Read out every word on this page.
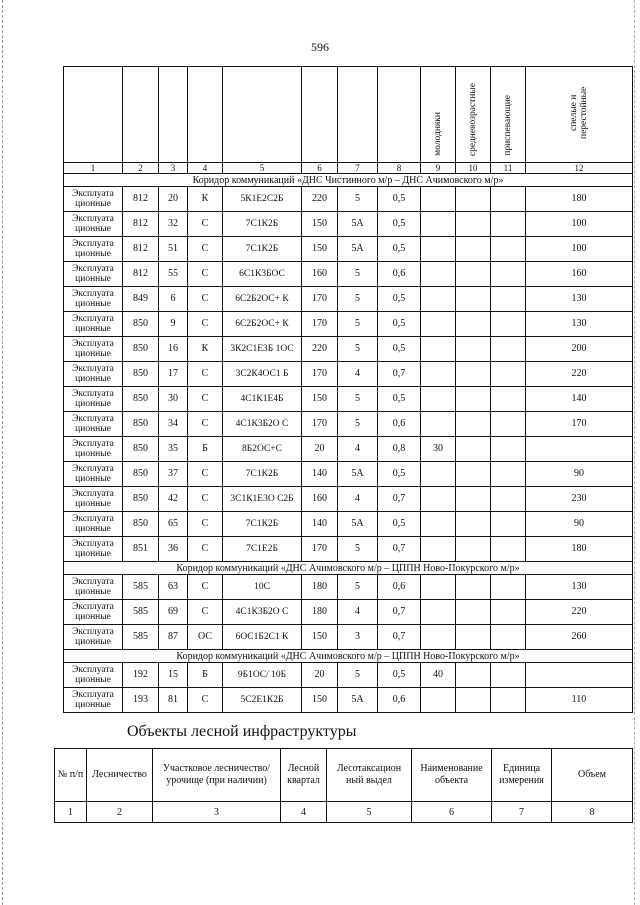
596
								молодняки	средневозрастные	приспевающие	спелые и перестойные
1	2	3	4	5	6	7	8	9	10	11	12
Коридор коммуникаций «ДНС Чистинного м/р – ДНС Ачимовского м/р»											
Эксплуата ционные	812	20	К	5К1Е2С2Б	220	5	0,5				180
Эксплуата ционные	812	32	С	7С1К2Б	150	5А	0,5				100
Эксплуата ционные	812	51	С	7С1К2Б	150	5А	0,5				100
Эксплуата ционные	812	55	С	6С1К3БОС	160	5	0,6				160
Эксплуата ционные	849	6	С	6С2Б2ОС+ К	170	5	0,5				130
Эксплуата ционные	850	9	С	6С2Б2ОС+ К	170	5	0,5				130
Эксплуата ционные	850	16	К	3К2С1Е3Б 1ОС	220	5	0,5				200
Эксплуата ционные	850	17	С	3С2К4ОС1 Б	170	4	0,7				220
Эксплуата ционные	850	30	С	4С1К1Е4Б	150	5	0,5				140
Эксплуата ционные	850	34	С	4С1К3Б2О С	170	5	0,6				170
Эксплуата ционные	850	35	Б	8Б2ОС+С	20	4	0,8	30			
Эксплуата ционные	850	37	С	7С1К2Б	140	5А	0,5				90
Эксплуата ционные	850	42	С	3С1К1Е3О С2Б	160	4	0,7				230
Эксплуата ционные	850	65	С	7С1К2Б	140	5А	0,5				90
Эксплуата ционные	851	36	С	7С1Е2Б	170	5	0,7				180
Коридор коммуникаций «ДНС Ачимовского м/р – ЦППН Ново-Покурского м/р»											
Эксплуата ционные	585	63	С	10С	180	5	0,6				130
Эксплуата ционные	585	69	С	4С1К3Б2О С	180	4	0,7				220
Эксплуата ционные	585	87	ОС	6ОС1Б2С1 К	150	3	0,7				260
Коридор коммуникаций «ДНС Ачимовского м/р – ЦППН Ново-Покурского м/р»											
Эксплуата ционные	192	15	Б	9Б1ОС/ 10Б	20	5	0,5	40			
Эксплуата ционные	193	81	С	5С2Е1К2Б	150	5А	0,6				110
Объекты лесной инфраструктуры
№ п/п	Лесничество	Участковое лесничество/урочище (при наличии)	Лесной квартал	Лесотаксацион ный выдел	Наименование объекта	Единица измерения	Объем
1	2	3	4	5	6	7	8
